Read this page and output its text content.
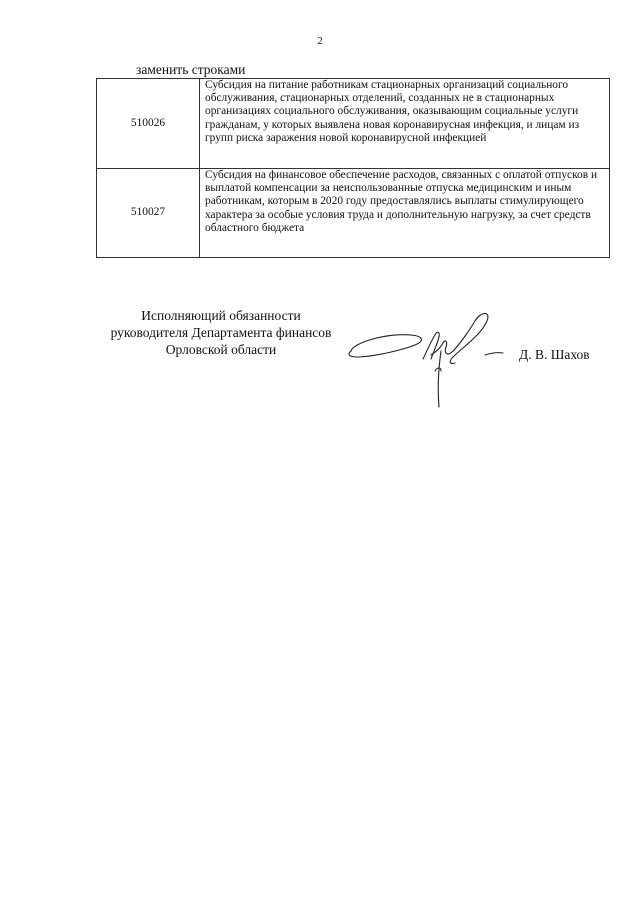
2
заменить строками
510026	Субсидия на питание работникам стационарных организаций социального обслуживания, стационарных отделений, созданных не в стационарных организациях социального обслуживания, оказывающим социальные услуги гражданам, у которых выявлена новая коронавирусная инфекция, и лицам из групп риска заражения новой коронавирусной инфекцией
510027	Субсидия на финансовое обеспечение расходов, связанных с оплатой отпусков и выплатой компенсации за неиспользованные отпуска медицинским и иным работникам, которым в 2020 году предоставлялись выплаты стимулирующего характера за особые условия труда и дополнительную нагрузку, за счет средств областного бюджета
Исполняющий обязанности
руководителя Департамента финансов
Орловской области	Д. В. Шахов
